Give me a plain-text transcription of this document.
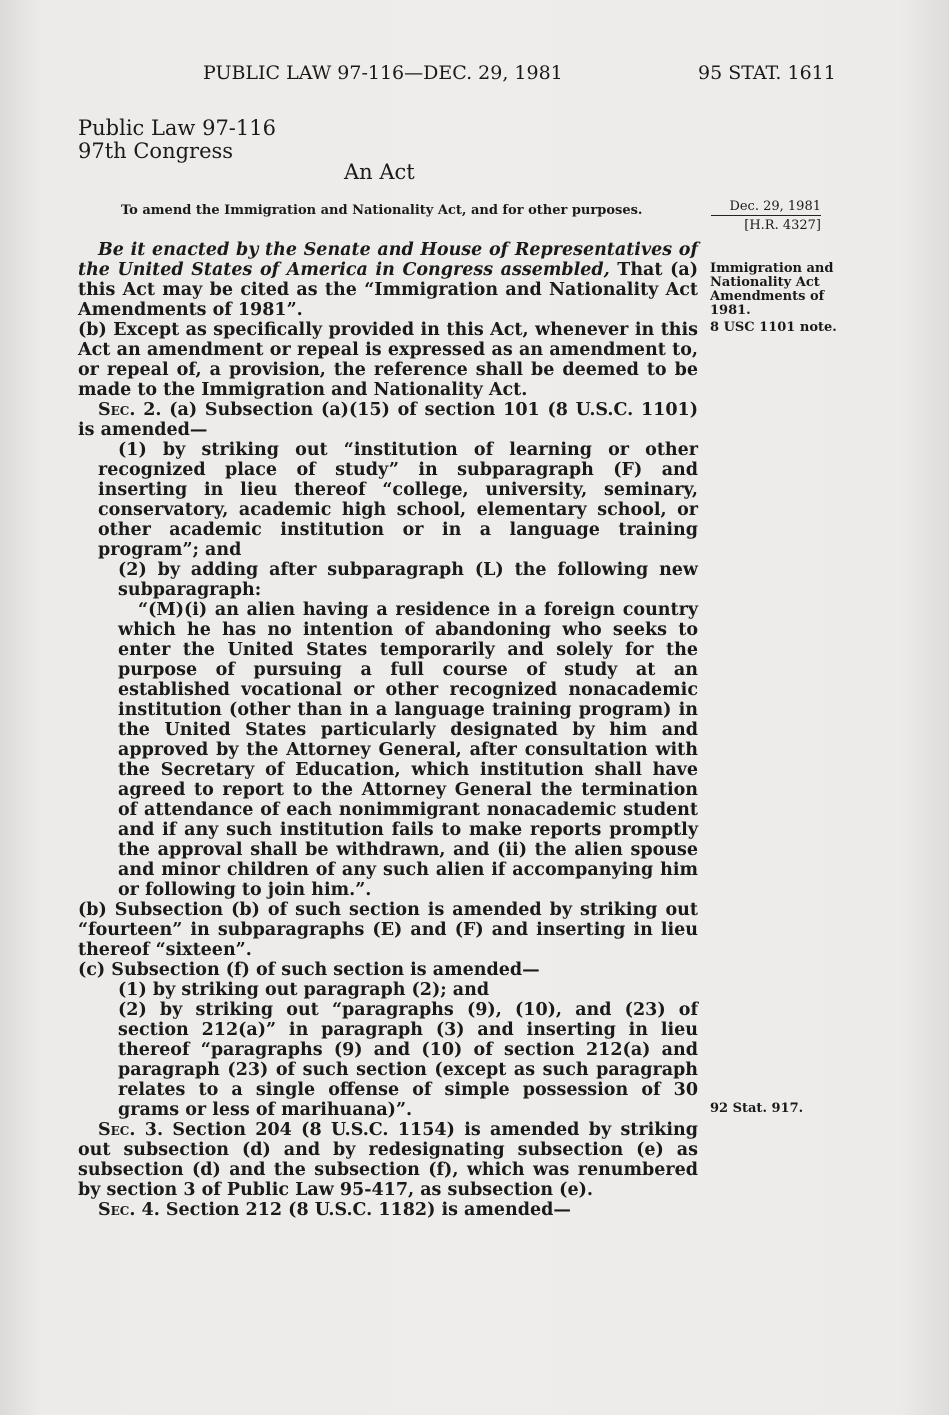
PUBLIC LAW 97-116—DEC. 29, 1981	95 STAT. 1611
Public Law 97-116
97th Congress
An Act
To amend the Immigration and Nationality Act, and for other purposes.	Dec. 29, 1981
[H.R. 4327]
Immigration and Nationality Act Amendments of 1981.
8 USC 1101 note.
92 Stat. 917.

Be it enacted by the Senate and House of Representatives of the United States of America in Congress assembled, That (a) this Act may be cited as the “Immigration and Nationality Act Amendments of 1981”.

(b) Except as specifically provided in this Act, whenever in this Act an amendment or repeal is expressed as an amendment to, or repeal of, a provision, the reference shall be deemed to be made to the Immigration and Nationality Act.

Sec. 2. (a) Subsection (a)(15) of section 101 (8 U.S.C. 1101) is amended—

(1) by striking out “institution of learning or other recognized place of study” in subparagraph (F) and inserting in lieu thereof “college, university, seminary, conservatory, academic high school, elementary school, or other academic institution or in a language training program”; and

(2) by adding after subparagraph (L) the following new subparagraph:

“(M)(i) an alien having a residence in a foreign country which he has no intention of abandoning who seeks to enter the United States temporarily and solely for the purpose of pursuing a full course of study at an established vocational or other recognized nonacademic institution (other than in a language training program) in the United States particularly designated by him and approved by the Attorney General, after consultation with the Secretary of Education, which institution shall have agreed to report to the Attorney General the termination of attendance of each nonimmigrant nonacademic student and if any such institution fails to make reports promptly the approval shall be withdrawn, and (ii) the alien spouse and minor children of any such alien if accompanying him or following to join him.”.

(b) Subsection (b) of such section is amended by striking out “fourteen” in subparagraphs (E) and (F) and inserting in lieu thereof “sixteen”.

(c) Subsection (f) of such section is amended—

(1) by striking out paragraph (2); and

(2) by striking out “paragraphs (9), (10), and (23) of section 212(a)” in paragraph (3) and inserting in lieu thereof “paragraphs (9) and (10) of section 212(a) and paragraph (23) of such section (except as such paragraph relates to a single offense of simple possession of 30 grams or less of marihuana)”.

Sec. 3. Section 204 (8 U.S.C. 1154) is amended by striking out subsection (d) and by redesignating subsection (e) as subsection (d) and the subsection (f), which was renumbered by section 3 of Public Law 95-417, as subsection (e).

Sec. 4. Section 212 (8 U.S.C. 1182) is amended—
